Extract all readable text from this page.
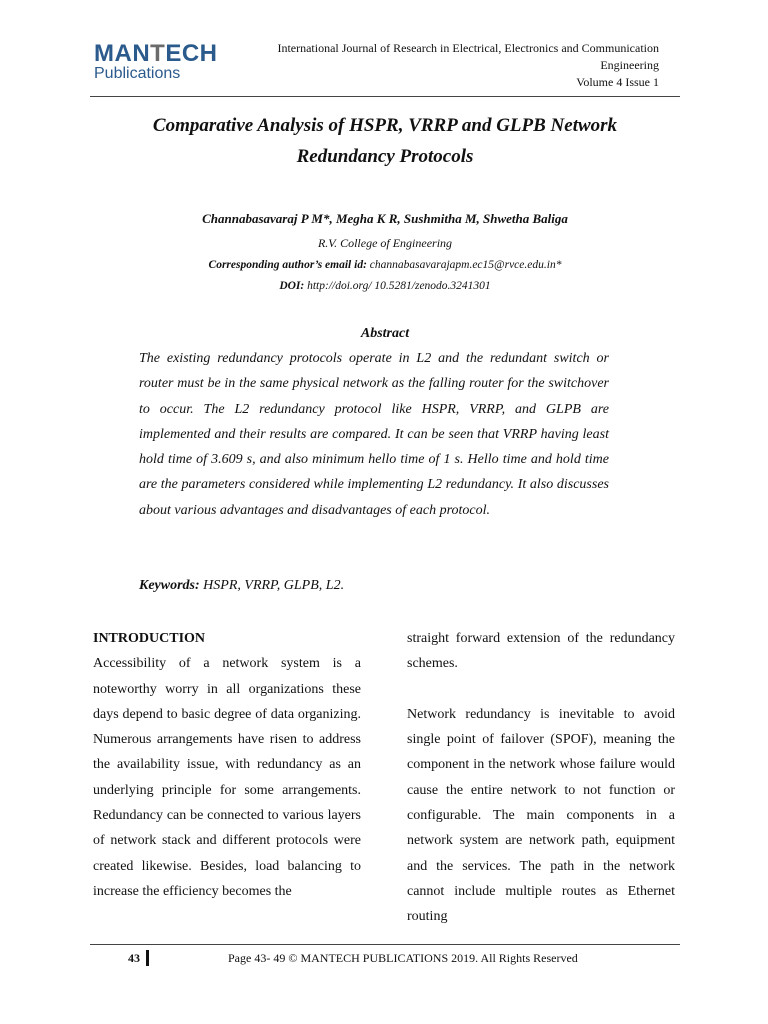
MANTECH
Publications
International Journal of Research in Electrical, Electronics and Communication
Engineering
Volume 4 Issue 1
Comparative Analysis of HSPR, VRRP and GLPB Network
Redundancy Protocols
Channabasavaraj P M*, Megha K R, Sushmitha M, Shwetha Baliga
R.V. College of Engineering
Corresponding author’s email id: channabasavarajapm.ec15@rvce.edu.in*
DOI: http://doi.org/ 10.5281/zenodo.3241301
Abstract

The existing redundancy protocols operate in L2 and the redundant switch or router must be in the same physical network as the falling router for the switchover to occur. The L2 redundancy protocol like HSPR, VRRP, and GLPB are implemented and their results are compared. It can be seen that VRRP having least hold time of 3.609 s, and also minimum hello time of 1 s. Hello time and hold time are the parameters considered while implementing L2 redundancy. It also discusses about various advantages and disadvantages of each protocol.

Keywords: HSPR, VRRP, GLPB, L2.

INTRODUCTION

Accessibility of a network system is a noteworthy worry in all organizations these days depend to basic degree of data organizing. Numerous arrangements have risen to address the availability issue, with redundancy as an underlying principle for some arrangements. Redundancy can be connected to various layers of network stack and different protocols were created likewise. Besides, load balancing to increase the efficiency becomes the

straight forward extension of the redundancy schemes.

Network redundancy is inevitable to avoid single point of failover (SPOF), meaning the component in the network whose failure would cause the entire network to not function or configurable. The main components in a network system are network path, equipment and the services. The path in the network cannot include multiple routes as Ethernet routing

43	Page 43- 49 © MANTECH PUBLICATIONS 2019. All Rights Reserved
